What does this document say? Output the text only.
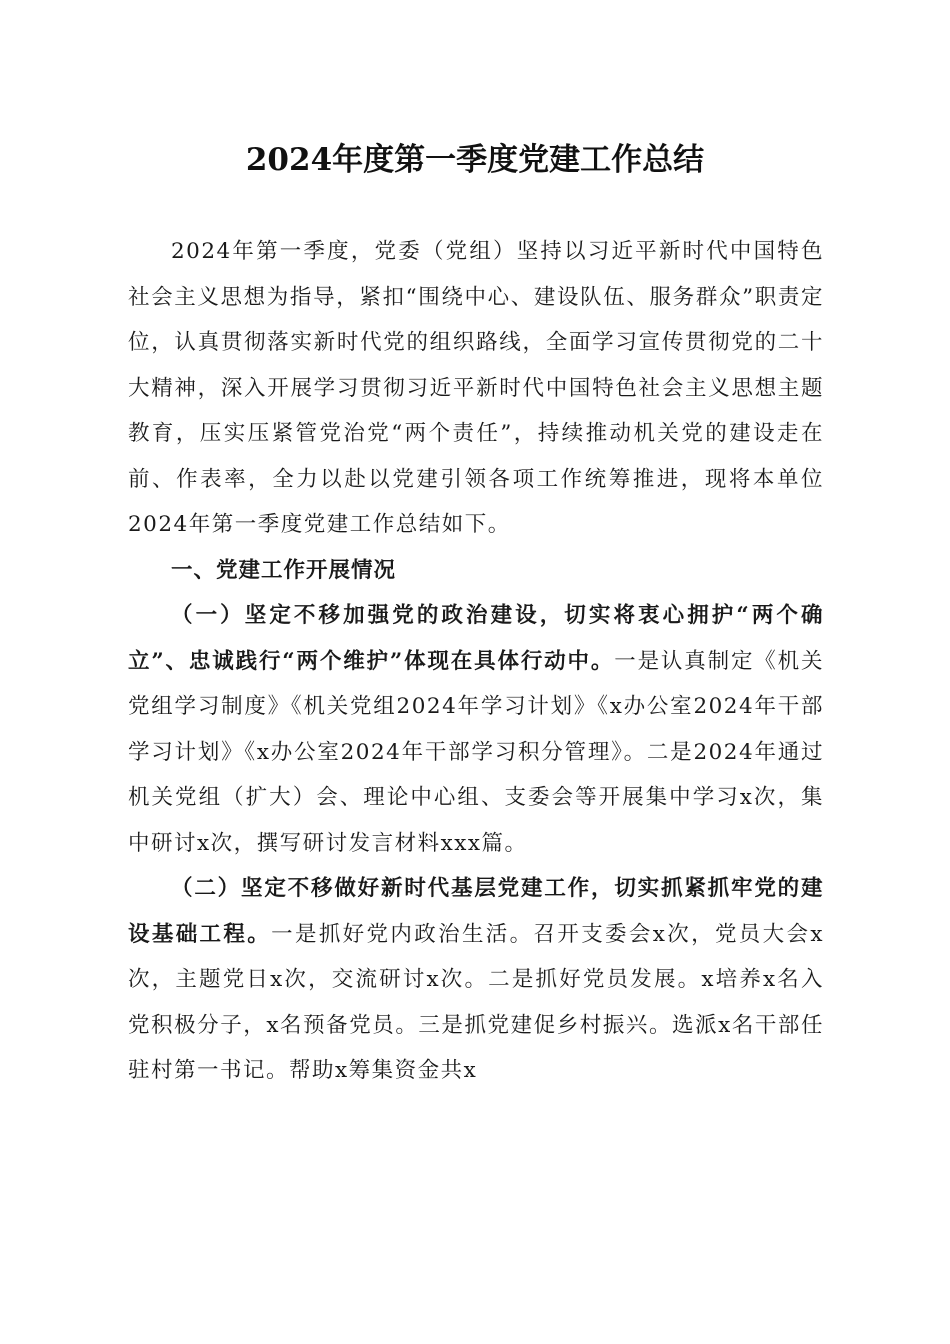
2024年度第一季度党建工作总结

2024年第一季度，党委（党组）坚持以习近平新时代中国特色社会主义思想为指导，紧扣“围绕中心、建设队伍、服务群众”职责定位，认真贯彻落实新时代党的组织路线，全面学习宣传贯彻党的二十大精神，深入开展学习贯彻习近平新时代中国特色社会主义思想主题教育，压实压紧管党治党“两个责任”，持续推动机关党的建设走在前、作表率，全力以赴以党建引领各项工作统筹推进，现将本单位2024年第一季度党建工作总结如下。

一、党建工作开展情况

（一）坚定不移加强党的政治建设，切实将衷心拥护“两个确立”、忠诚践行“两个维护”体现在具体行动中。一是认真制定《机关党组学习制度》《机关党组2024年学习计划》《x办公室2024年干部学习计划》《x办公室2024年干部学习积分管理》。二是2024年通过机关党组（扩大）会、理论中心组、支委会等开展集中学习x次，集中研讨x次，撰写研讨发言材料xxx篇。

（二）坚定不移做好新时代基层党建工作，切实抓紧抓牢党的建设基础工程。一是抓好党内政治生活。召开支委会x次，党员大会x次，主题党日x次，交流研讨x次。二是抓好党员发展。x培养x名入党积极分子，x名预备党员。三是抓党建促乡村振兴。选派x名干部任驻村第一书记。帮助x筹集资金共x
